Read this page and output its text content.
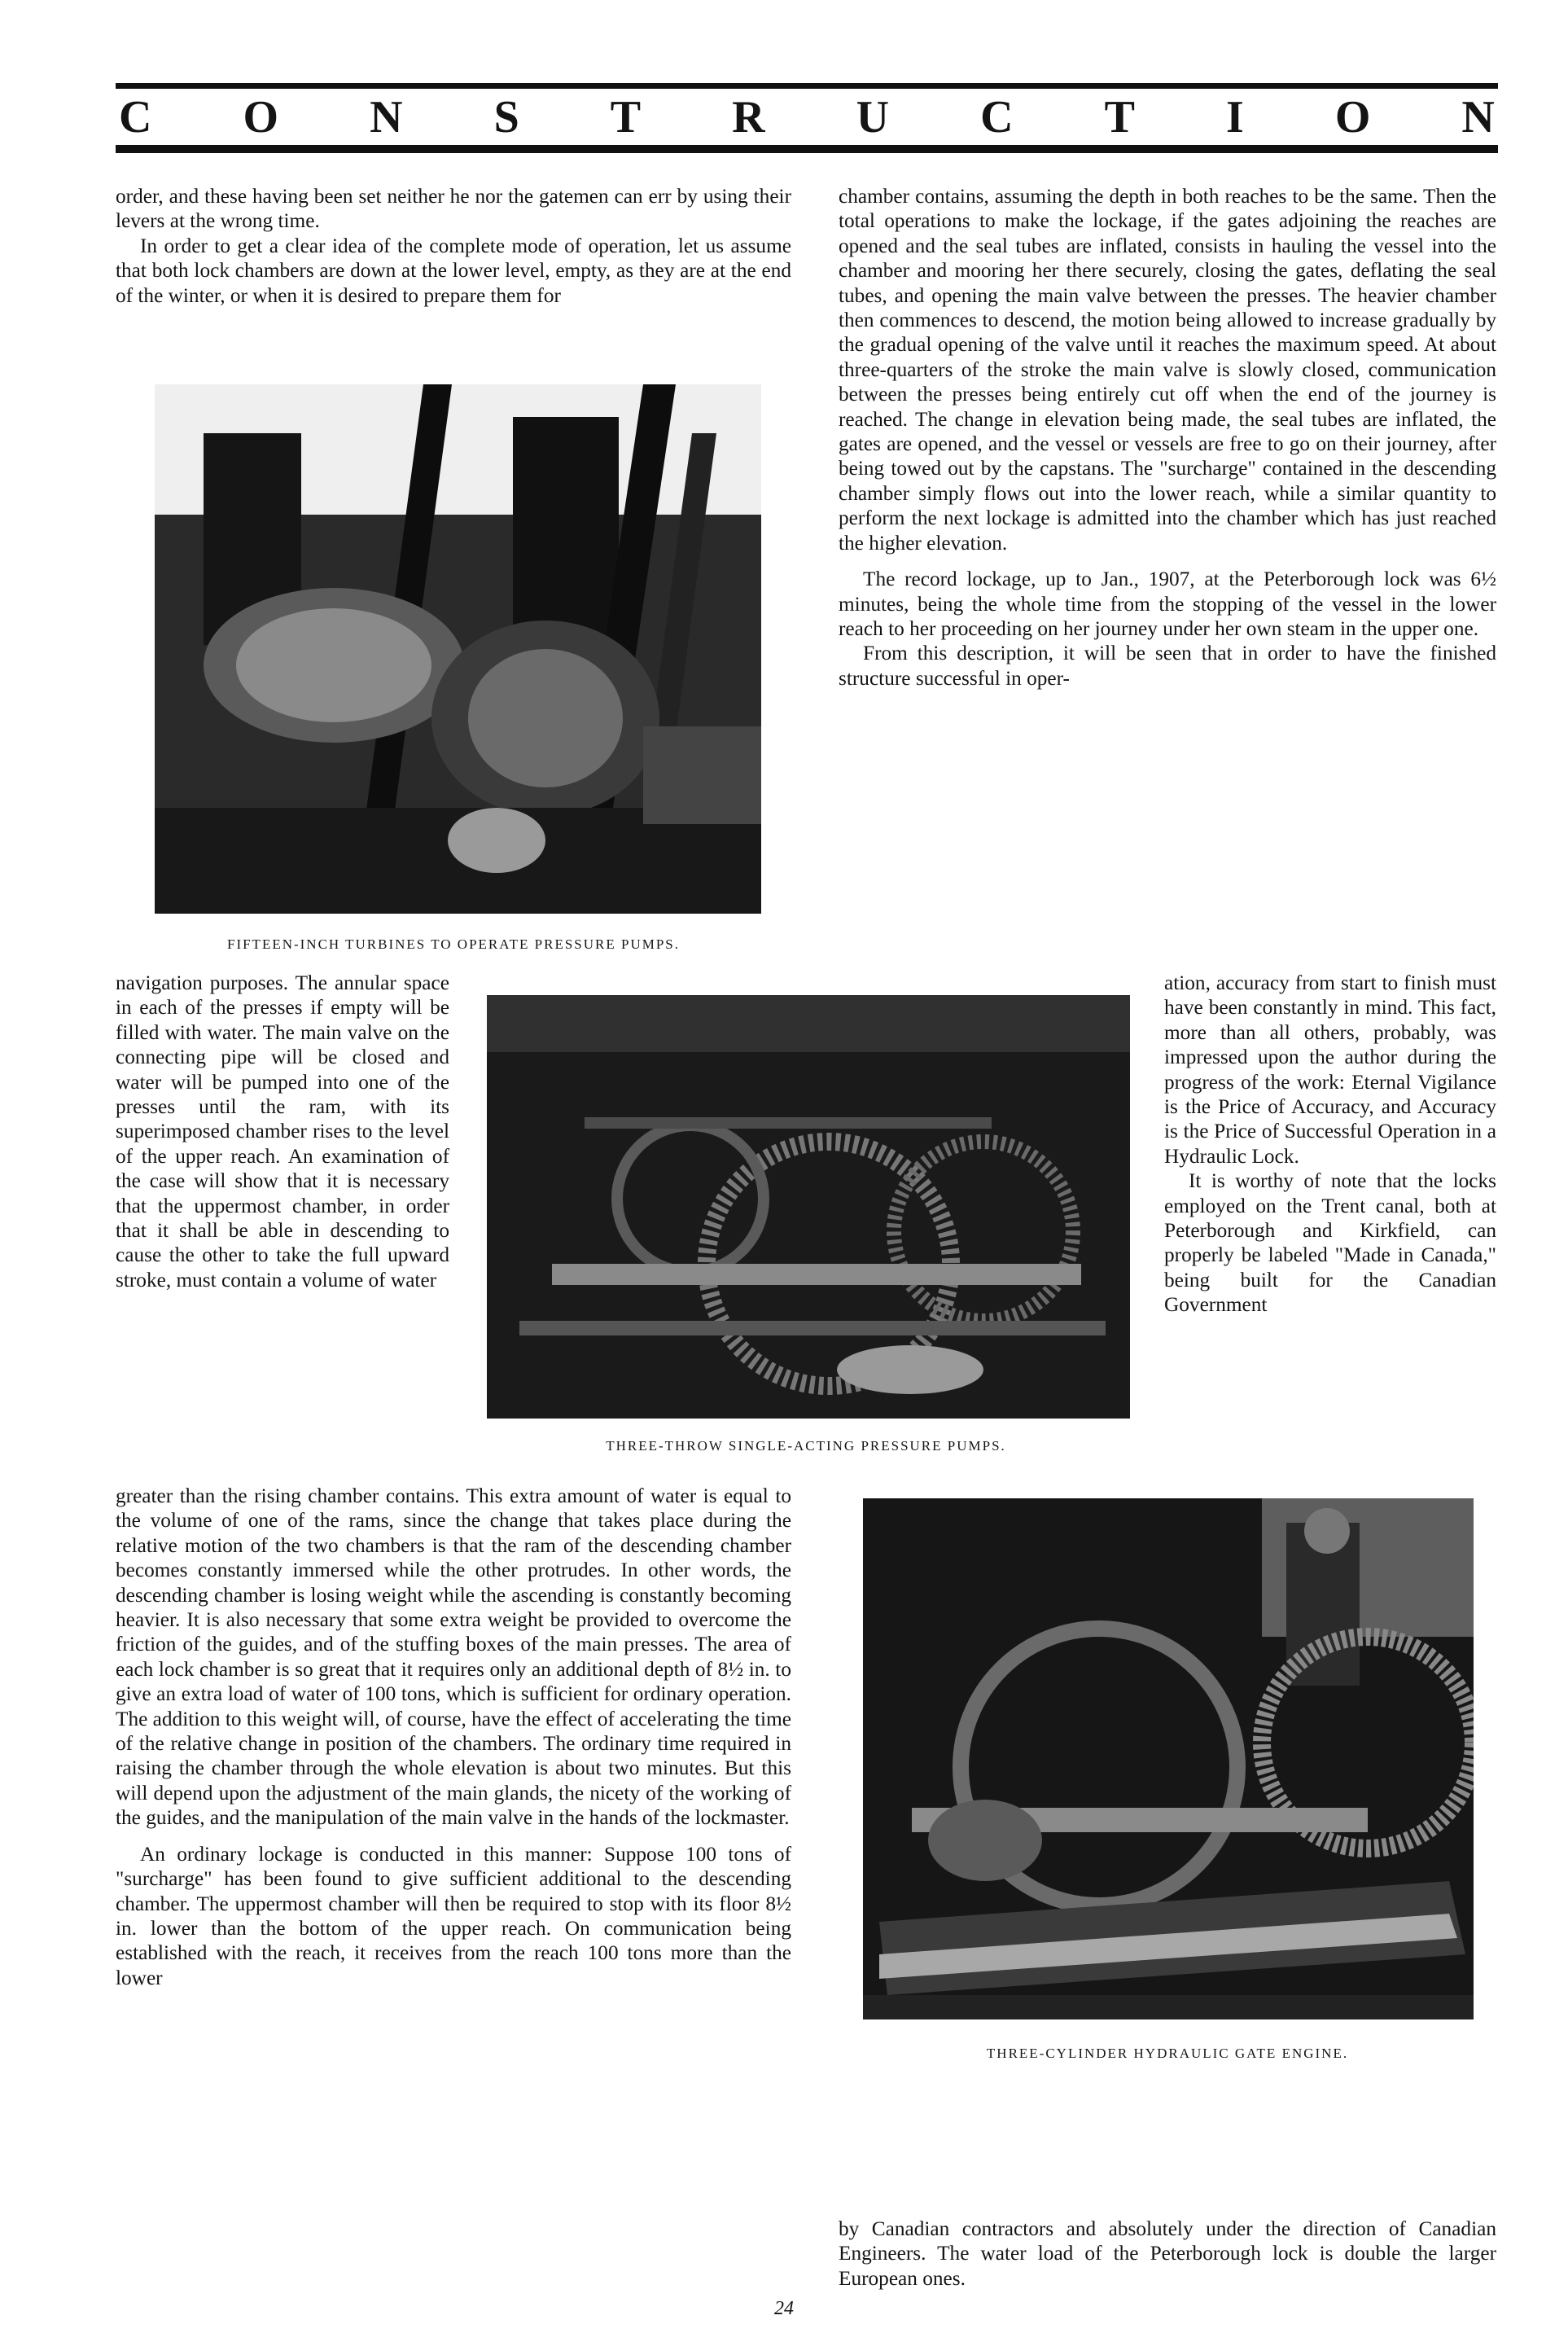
C O N S T R U C T I O N

order, and these having been set neither he nor the gatemen can err by using their levers at the wrong time.

In order to get a clear idea of the complete mode of operation, let us assume that both lock chambers are down at the lower level, empty, as they are at the end of the winter, or when it is desired to prepare them for

FIFTEEN-INCH TURBINES TO OPERATE PRESSURE PUMPS.

navigation purposes. The annular space in each of the presses if empty will be filled with water. The main valve on the connecting pipe will be closed and water will be pumped into one of the presses until the ram, with its superimposed chamber rises to the level of the upper reach. An examination of the case will show that it is necessary that the uppermost chamber, in order that it shall be able in descending to cause the other to take the full upward stroke, must contain a volume of water

THREE-THROW SINGLE-ACTING PRESSURE PUMPS.

greater than the rising chamber contains. This extra amount of water is equal to the volume of one of the rams, since the change that takes place during the relative motion of the two chambers is that the ram of the descending chamber becomes constantly immersed while the other protrudes. In other words, the descending chamber is losing weight while the ascending is constantly becoming heavier. It is also necessary that some extra weight be provided to overcome the friction of the guides, and of the stuffing boxes of the main presses. The area of each lock chamber is so great that it requires only an additional depth of 8½ in. to give an extra load of water of 100 tons, which is sufficient for ordinary operation. The addition to this weight will, of course, have the effect of accelerating the time of the relative change in position of the chambers. The ordinary time required in raising the chamber through the whole elevation is about two minutes. But this will depend upon the adjustment of the main glands, the nicety of the working of the guides, and the manipulation of the main valve in the hands of the lockmaster.

An ordinary lockage is conducted in this manner: Suppose 100 tons of "surcharge" has been found to give sufficient additional to the descending chamber. The uppermost chamber will then be required to stop with its floor 8½ in. lower than the bottom of the upper reach. On communication being established with the reach, it receives from the reach 100 tons more than the lower

chamber contains, assuming the depth in both reaches to be the same. Then the total operations to make the lockage, if the gates adjoining the reaches are opened and the seal tubes are inflated, consists in hauling the vessel into the chamber and mooring her there securely, closing the gates, deflating the seal tubes, and opening the main valve between the presses. The heavier chamber then commences to descend, the motion being allowed to increase gradually by the gradual opening of the valve until it reaches the maximum speed. At about three-quarters of the stroke the main valve is slowly closed, communication between the presses being entirely cut off when the end of the journey is reached. The change in elevation being made, the seal tubes are inflated, the gates are opened, and the vessel or vessels are free to go on their journey, after being towed out by the capstans. The "surcharge" contained in the descending chamber simply flows out into the lower reach, while a similar quantity to perform the next lockage is admitted into the chamber which has just reached the higher elevation.

The record lockage, up to Jan., 1907, at the Peterborough lock was 6½ minutes, being the whole time from the stopping of the vessel in the lower reach to her proceeding on her journey under her own steam in the upper one.

From this description, it will be seen that in order to have the finished structure successful in oper-

ation, accuracy from start to finish must have been constantly in mind. This fact, more than all others, probably, was impressed upon the author during the progress of the work: Eternal Vigilance is the Price of Accuracy, and Accuracy is the Price of Successful Operation in a Hydraulic Lock.

It is worthy of note that the locks employed on the Trent canal, both at Peterborough and Kirkfield, can properly be labeled "Made in Canada," being built for the Canadian Government

THREE-CYLINDER HYDRAULIC GATE ENGINE.

by Canadian contractors and absolutely under the direction of Canadian Engineers. The water load of the Peterborough lock is double the larger European ones.

24
